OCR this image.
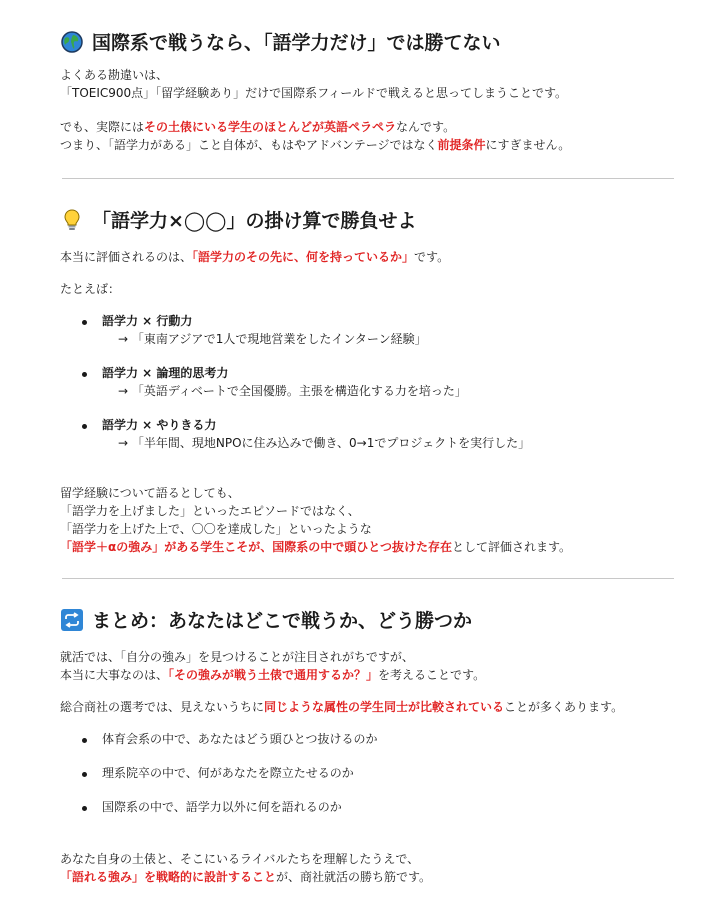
国際系で戦うなら、「語学力だけ」では勝てない
よくある勘違いは、
「TOEIC900点」「留学経験あり」だけで国際系フィールドで戦えると思ってしまうことです。
でも、実際にはその土俵にいる学生のほとんどが英語ペラペラなんです。
つまり、「語学力がある」こと自体が、もはやアドバンテージではなく前提条件にすぎません。
「語学力×◯◯」の掛け算で勝負せよ
本当に評価されるのは、「語学力のその先に、何を持っているか」です。
たとえば：
語学力 × 行動力
→ 「東南アジアで1人で現地営業をしたインターン経験」
語学力 × 論理的思考力
→ 「英語ディベートで全国優勝。主張を構造化する力を培った」
語学力 × やりきる力
→ 「半年間、現地NPOに住み込みで働き、0→1でプロジェクトを実行した」
留学経験について語るとしても、
「語学力を上げました」といったエピソードではなく、
「語学力を上げた上で、〇〇を達成した」といったような
「語学＋αの強み」がある学生こそが、国際系の中で頭ひとつ抜けた存在として評価されます。
まとめ：あなたはどこで戦うか、どう勝つか
就活では、「自分の強み」を見つけることが注目されがちですが、
本当に大事なのは、「その強みが戦う土俵で通用するか？」を考えることです。
総合商社の選考では、見えないうちに同じような属性の学生同士が比較されていることが多くあります。
体育会系の中で、あなたはどう頭ひとつ抜けるのか
理系院卒の中で、何があなたを際立たせるのか
国際系の中で、語学力以外に何を語れるのか
あなた自身の土俵と、そこにいるライバルたちを理解したうえで、
「語れる強み」を戦略的に設計することが、商社就活の勝ち筋です。
